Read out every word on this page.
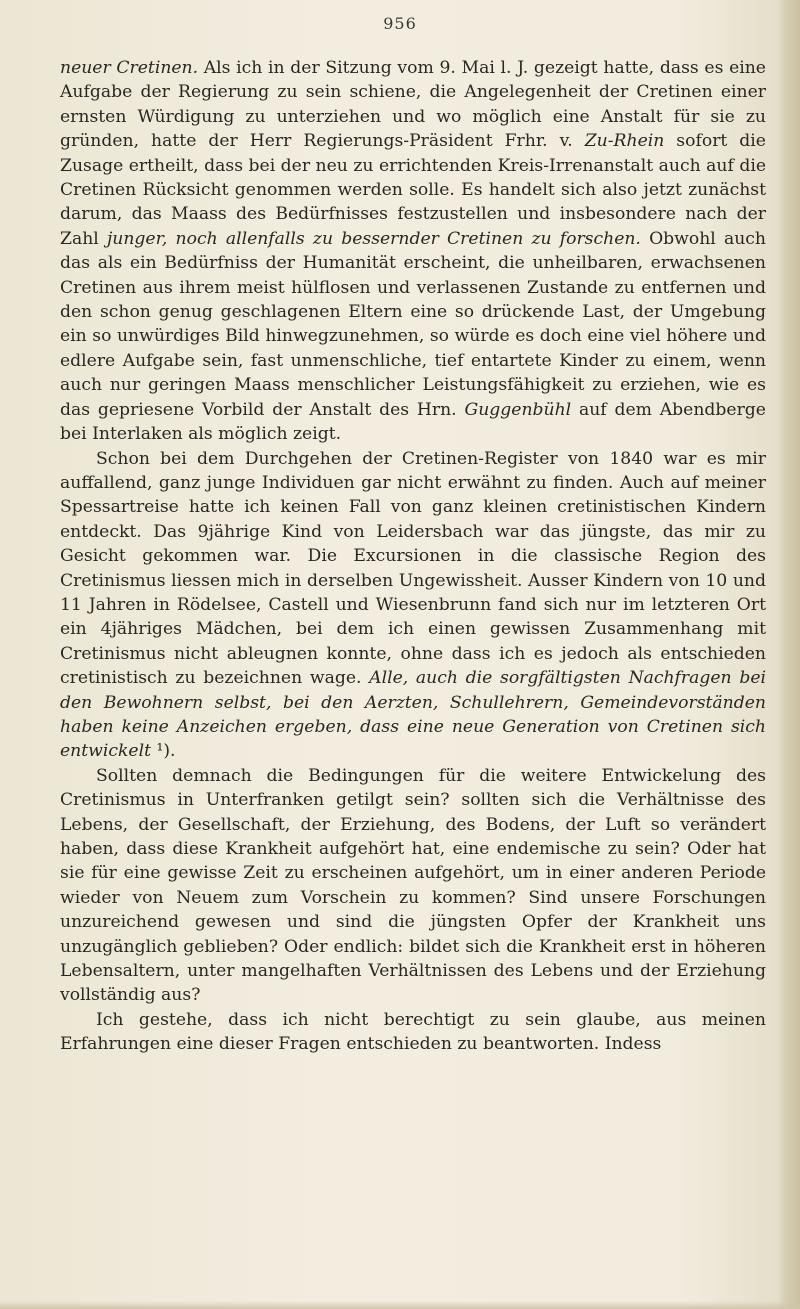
956

neuer Cretinen. Als ich in der Sitzung vom 9. Mai l. J. gezeigt hatte, dass es eine Aufgabe der Regierung zu sein schiene, die Angelegenheit der Cretinen einer ernsten Würdigung zu unterziehen und wo möglich eine Anstalt für sie zu gründen, hatte der Herr Regierungs-Präsident Frhr. v. Zu-Rhein sofort die Zusage ertheilt, dass bei der neu zu errichtenden Kreis-Irrenanstalt auch auf die Cretinen Rücksicht genommen werden solle. Es handelt sich also jetzt zunächst darum, das Maass des Bedürfnisses festzustellen und insbesondere nach der Zahl junger, noch allenfalls zu bessernder Cretinen zu forschen. Obwohl auch das als ein Bedürfniss der Humanität erscheint, die unheilbaren, erwachsenen Cretinen aus ihrem meist hülflosen und verlassenen Zustande zu entfernen und den schon genug geschlagenen Eltern eine so drückende Last, der Umgebung ein so unwürdiges Bild hinwegzunehmen, so würde es doch eine viel höhere und edlere Aufgabe sein, fast unmenschliche, tief entartete Kinder zu einem, wenn auch nur geringen Maass menschlicher Leistungsfähigkeit zu erziehen, wie es das gepriesene Vorbild der Anstalt des Hrn. Guggenbühl auf dem Abendberge bei Interlaken als möglich zeigt.

Schon bei dem Durchgehen der Cretinen-Register von 1840 war es mir auffallend, ganz junge Individuen gar nicht erwähnt zu finden. Auch auf meiner Spessartreise hatte ich keinen Fall von ganz kleinen cretinistischen Kindern entdeckt. Das 9jährige Kind von Leidersbach war das jüngste, das mir zu Gesicht gekommen war. Die Excursionen in die classische Region des Cretinismus liessen mich in derselben Ungewissheit. Ausser Kindern von 10 und 11 Jahren in Rödelsee, Castell und Wiesenbrunn fand sich nur im letzteren Ort ein 4jähriges Mädchen, bei dem ich einen gewissen Zusammenhang mit Cretinismus nicht ableugnen konnte, ohne dass ich es jedoch als entschieden cretinistisch zu bezeichnen wage. Alle, auch die sorgfältigsten Nachfragen bei den Bewohnern selbst, bei den Aerzten, Schullehrern, Gemeindevorständen haben keine Anzeichen ergeben, dass eine neue Generation von Cretinen sich entwickelt ¹).

Sollten demnach die Bedingungen für die weitere Entwickelung des Cretinismus in Unterfranken getilgt sein? sollten sich die Verhältnisse des Lebens, der Gesellschaft, der Erziehung, des Bodens, der Luft so verändert haben, dass diese Krankheit aufgehört hat, eine endemische zu sein? Oder hat sie für eine gewisse Zeit zu erscheinen aufgehört, um in einer anderen Periode wieder von Neuem zum Vorschein zu kommen? Sind unsere Forschungen unzureichend gewesen und sind die jüngsten Opfer der Krankheit uns unzugänglich geblieben? Oder endlich: bildet sich die Krankheit erst in höheren Lebensaltern, unter mangelhaften Verhältnissen des Lebens und der Erziehung vollständig aus?

Ich gestehe, dass ich nicht berechtigt zu sein glaube, aus meinen Erfahrungen eine dieser Fragen entschieden zu beantworten. Indess
